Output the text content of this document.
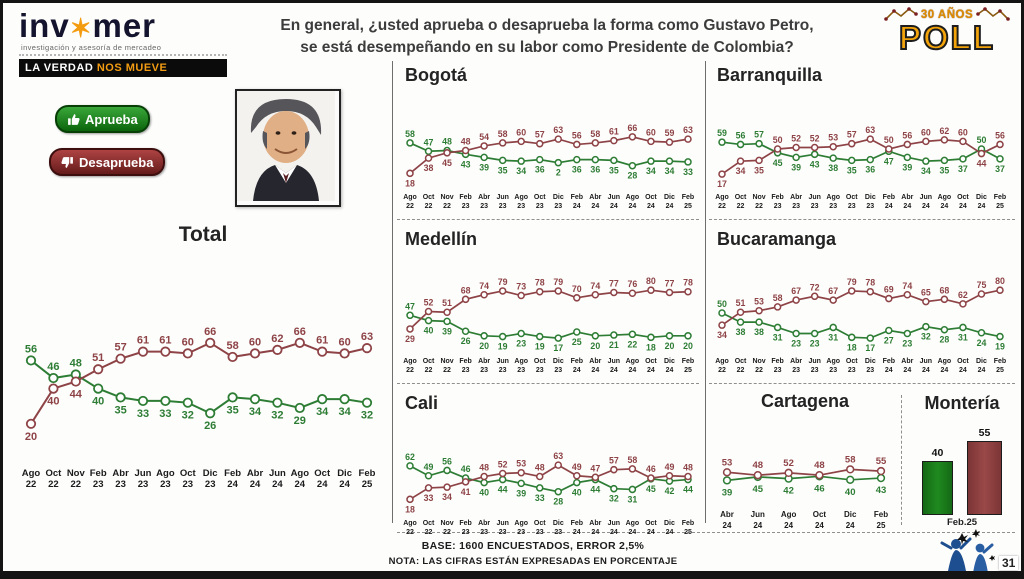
inv✶mer
investigación y asesoría de mercadeo
LA VERDAD NOS MUEVE
En general, ¿usted aprueba o desaprueba la forma como Gustavo Petro,
se está desempeñando en su labor como Presidente de Colombia?
30 AÑOS
POLL
Aprueba
Desaprueba
Total
Bogotá
Medellín
Cali
Barranquilla
Bucaramanga
Cartagena	Montería
56
46 48
40
35 33 33 32
26
35 34 32 29
34 34 32
20
40
44
51
57
61 61 60
66
58 60 62
66
61 60 63
Ago
22
Oct
22
Nov
22
Feb
23
Abr
23
Jun
23
Ago
23
Oct
23
Dic
23
Feb
24
Abr
24
Jun
24
Ago
24
Oct
24
Dic
24
Feb
25
58
47 48
43 39 35 34 36 2 36 36 35
28 34 34 33
18
38
45
48 54 58 60 57 63
56 58 61 66 60 59 63
Ago
22
Oct
22
Nov
22
Feb
23
Abr
23
Jun
23
Ago
23
Oct
23
Dic
23
Feb
24
Abr
24
Jun
24
Ago
24
Oct
24
Dic
24
Feb
25
47
40 39
26 20 19 23 19 17
25 20 21 22 18 20 20
29
52 51
68 74 79 73 78 79
70 74 77 76 80 77 78
Ago
22
Oct
22
Nov
22
Feb
23
Abr
23
Jun
23
Ago
23
Oct
23
Dic
23
Feb
24
Abr
24
Jun
24
Ago
24
Oct
24
Dic
24
Feb
25
62
49
56
46
40 44 39 33 28
40 44
32 31
45 42 44
18
33 34
41
48 52 53 48
63
49 47
57 58
46 49 48
Ago
22
Oct
22
Nov
22
Feb
23
Abr
23
Jun
23
Ago
23
Oct
23
Dic
23
Feb
24
Abr
24
Jun
24
Ago
24
Oct
24
Dic
24
Feb
25
59 56 57
45 39 43 38 35 36
47
39 34 35 37
50
37
17
34 35
50 52 52 53 57 63
50 56 60 62 60
44
56
Ago
22
Oct
22
Nov
22
Feb
23
Abr
23
Jun
23
Ago
23
Oct
23
Dic
23
Feb
24
Abr
24
Jun
24
Ago
24
Oct
24
Dic
24
Feb
25
50
38 38
31
23 23
31
18 17
27 23
32 28 31
24 19
34
51 53 58
67 72 67
79 78
69 74
65 68 62
75 80
Ago
22
Oct
22
Nov
22
Feb
23
Abr
23
Jun
23
Ago
23
Oct
23
Dic
23
Feb
24
Abr
24
Jun
24
Ago
24
Oct
24
Dic
24
Feb
25
39 45 42 46 40 43
53 48 52 48
58 55
Abr
24
Jun
24
Ago
24
Oct
24
Dic
24
Feb
25
40
55
Feb.25
BASE: 1600 ENCUESTADOS, ERROR 2,5%
NOTA: LAS CIFRAS ESTÁN EXPRESADAS EN PORCENTAJE	31
